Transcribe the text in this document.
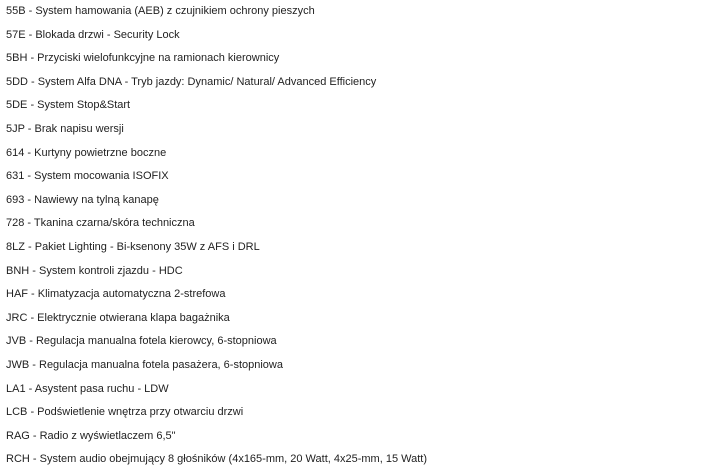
55B - System hamowania (AEB) z czujnikiem ochrony pieszych
57E - Blokada drzwi - Security Lock
5BH - Przyciski wielofunkcyjne na ramionach kierownicy
5DD - System Alfa DNA - Tryb jazdy: Dynamic/ Natural/ Advanced Efficiency
5DE - System Stop&Start
5JP - Brak napisu wersji
614 - Kurtyny powietrzne boczne
631 - System mocowania ISOFIX
693 - Nawiewy na tylną kanapę
728 - Tkanina czarna/skóra techniczna
8LZ - Pakiet Lighting - Bi-ksenony 35W z AFS i DRL
BNH - System kontroli zjazdu - HDC
HAF - Klimatyzacja automatyczna 2-strefowa
JRC - Elektrycznie otwierana klapa bagażnika
JVB - Regulacja manualna fotela kierowcy, 6-stopniowa
JWB - Regulacja manualna fotela pasażera, 6-stopniowa
LA1 - Asystent pasa ruchu - LDW
LCB - Podświetlenie wnętrza przy otwarciu drzwi
RAG - Radio z wyświetlaczem 6,5"
RCH - System audio obejmujący 8 głośników (4x165-mm, 20 Watt, 4x25-mm, 15 Watt)
